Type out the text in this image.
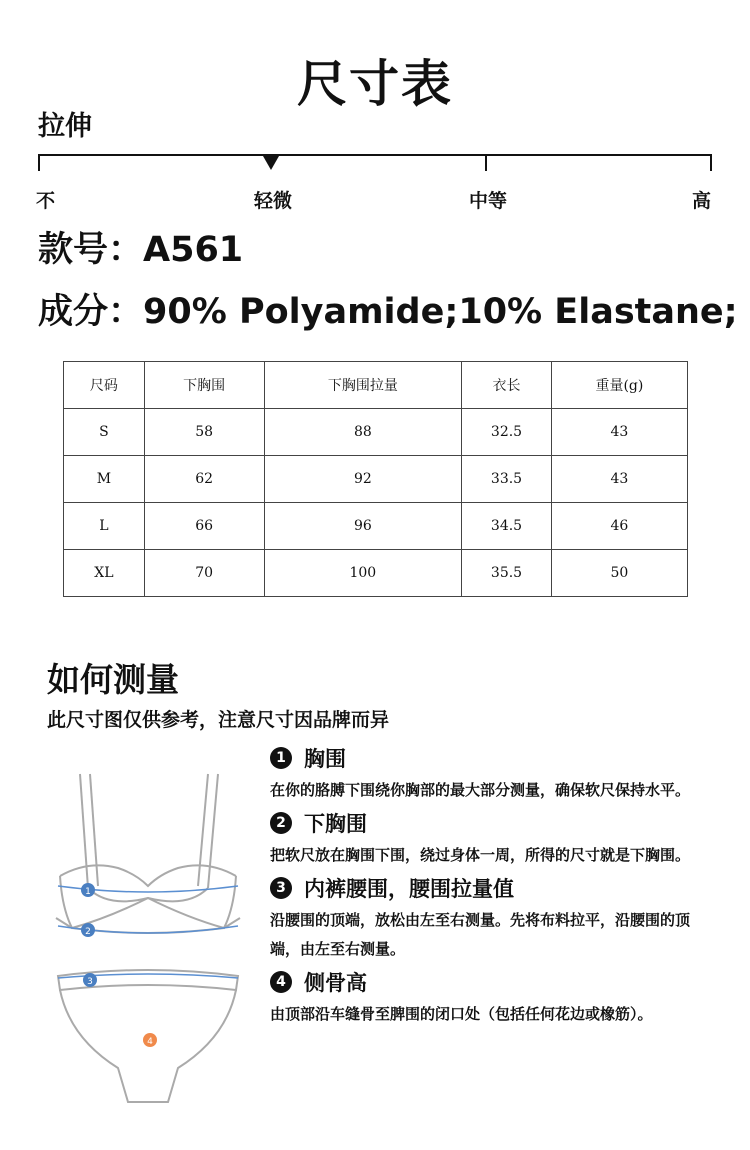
尺寸表
拉伸
不	轻微	中等	高
款号：A561
成分：90% Polyamide;10% Elastane;
尺码	下胸围	下胸围拉量	衣长	重量(g)
S	58	88	32.5	43
M	62	92	33.5	43
L	66	96	34.5	46
XL	70	100	35.5	50
如何测量
此尺寸图仅供参考，注意尺寸因品牌而异
1
2
3
4
1 胸围
在你的胳膊下围绕你胸部的最大部分测量，确保软尺保持水平。
2 下胸围
把软尺放在胸围下围，绕过身体一周，所得的尺寸就是下胸围。
3 内裤腰围，腰围拉量值
沿腰围的顶端，放松由左至右测量。先将布料拉平，沿腰围的顶端，由左至右测量。
4 侧骨高
由顶部沿车缝骨至脾围的闭口处（包括任何花边或橡筋）。
